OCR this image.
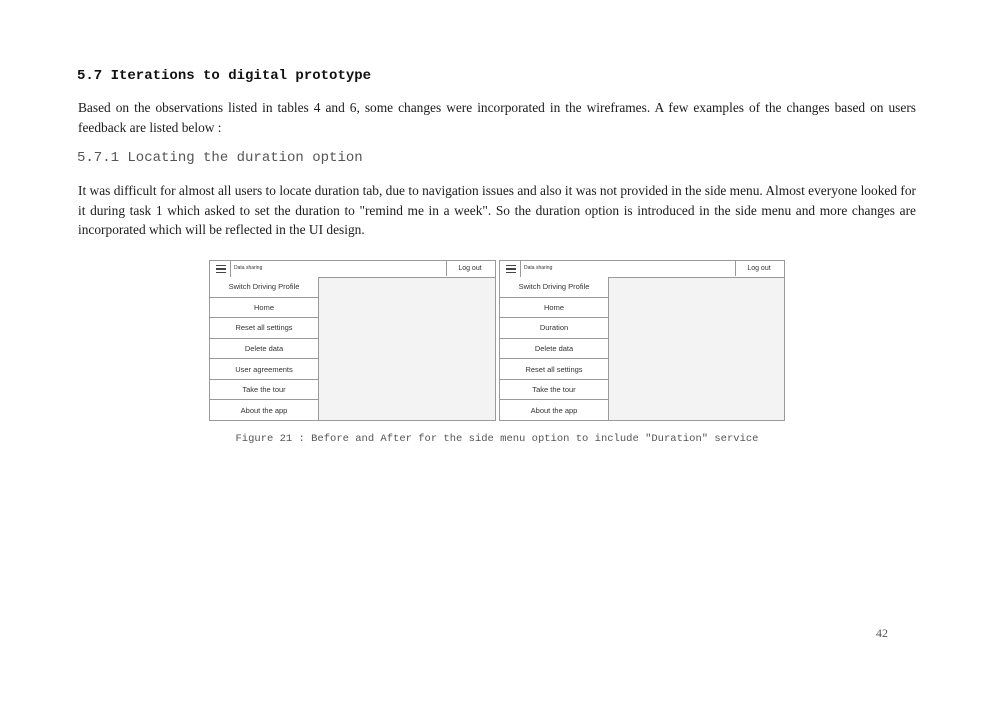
5.7 Iterations to digital prototype

Based on the observations listed in tables 4 and 6, some changes were incorporated in the wireframes. A few examples of the changes based on users feedback are listed below :

5.7.1 Locating the duration option

It was difficult for almost all users to locate duration tab, due to navigation issues and also it was not provided in the side menu. Almost everyone looked for it during task 1 which asked to set the duration to "remind me in a week". So the duration option is introduced in the side menu and more changes are incorporated which will be reflected in the UI design.

Data sharing	Log out
Switch Driving Profile
Home
Reset all settings
Delete data
User agreements
Take the tour
About the app
Data sharing	Log out
Switch Driving Profile
Home
Duration
Delete data
Reset all settings
Take the tour
About the app

Figure 21 : Before and After for the side menu option to include "Duration" service

42
